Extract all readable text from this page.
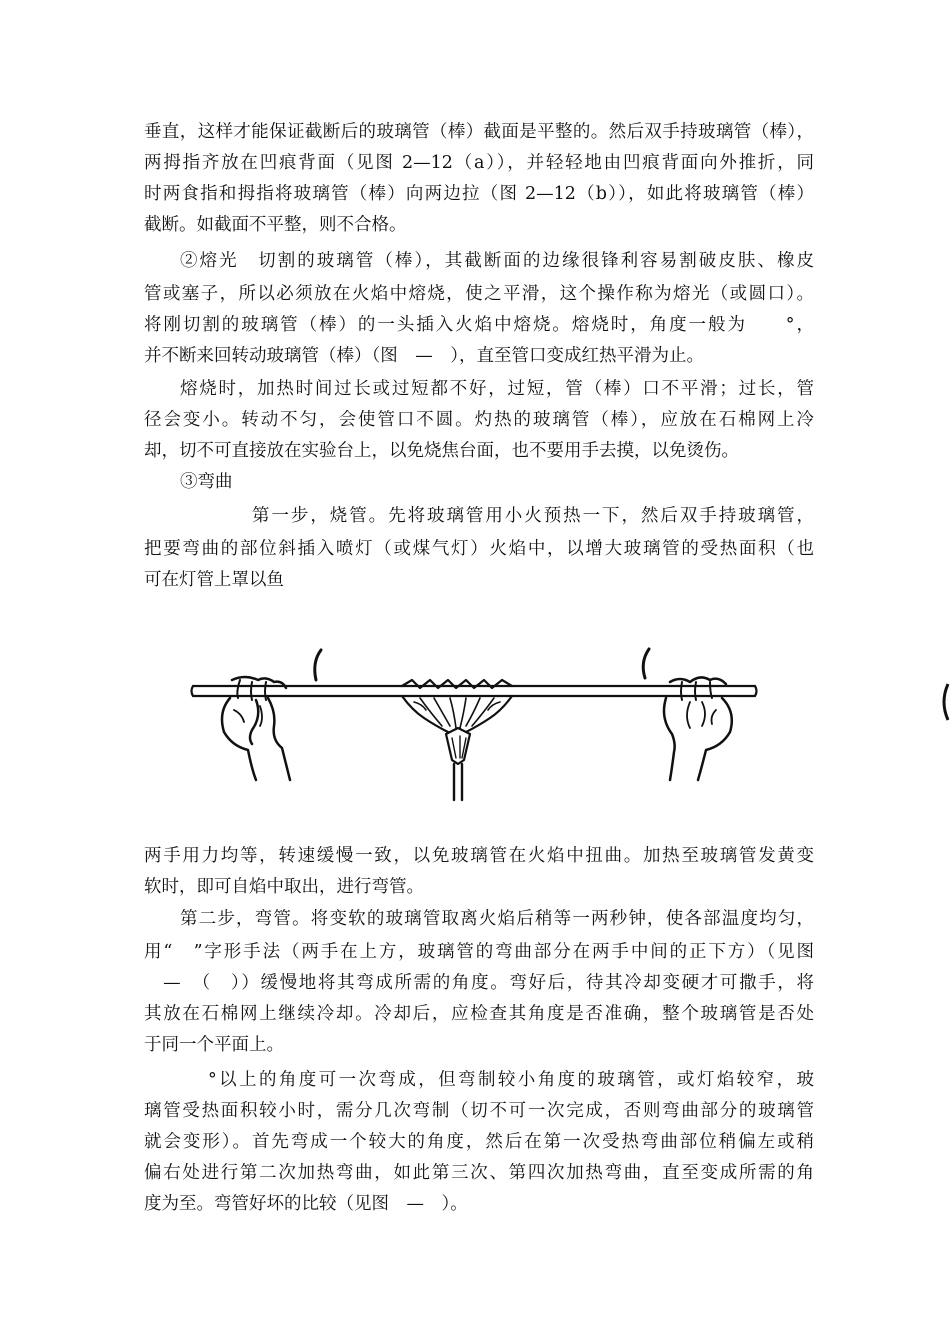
垂直，这样才能保证截断后的玻璃管（棒）截面是平整的。然后双手持玻璃管（棒），
两拇指齐放在凹痕背面（见图 2—12（a）），并轻轻地由凹痕背面向外推折，同
时两食指和拇指将玻璃管（棒）向两边拉（图 2—12（b）），如此将玻璃管（棒）
截断。如截面不平整，则不合格。
②熔光　切割的玻璃管（棒），其截断面的边缘很锋利容易割破皮肤、橡皮
管或塞子，所以必须放在火焰中熔烧，使之平滑，这个操作称为熔光（或圆口）。
将刚切割的玻璃管（棒）的一头插入火焰中熔烧。熔烧时，角度一般为　　°，
并不断来回转动玻璃管（棒）（图　—　），直至管口变成红热平滑为止。
熔烧时，加热时间过长或过短都不好，过短，管（棒）口不平滑；过长，管
径会变小。转动不匀，会使管口不圆。灼热的玻璃管（棒），应放在石棉网上冷
却，切不可直接放在实验台上，以免烧焦台面，也不要用手去摸，以免烫伤。
③弯曲
第一步，烧管。先将玻璃管用小火预热一下，然后双手持玻璃管，
把要弯曲的部位斜插入喷灯（或煤气灯）火焰中，以增大玻璃管的受热面积（也
可在灯管上罩以鱼
两手用力均等，转速缓慢一致，以免玻璃管在火焰中扭曲。加热至玻璃管发黄变
软时，即可自焰中取出，进行弯管。
第二步，弯管。将变软的玻璃管取离火焰后稍等一两秒钟，使各部温度均匀，
用“　”字形手法（两手在上方，玻璃管的弯曲部分在两手中间的正下方）（见图
　—　（　））缓慢地将其弯成所需的角度。弯好后，待其冷却变硬才可撒手，将
其放在石棉网上继续冷却。冷却后，应检查其角度是否准确，整个玻璃管是否处
于同一个平面上。
°以上的角度可一次弯成，但弯制较小角度的玻璃管，或灯焰较窄，玻
璃管受热面积较小时，需分几次弯制（切不可一次完成，否则弯曲部分的玻璃管
就会变形）。首先弯成一个较大的角度，然后在第一次受热弯曲部位稍偏左或稍
偏右处进行第二次加热弯曲，如此第三次、第四次加热弯曲，直至变成所需的角
度为至。弯管好坏的比较（见图　—　）。
